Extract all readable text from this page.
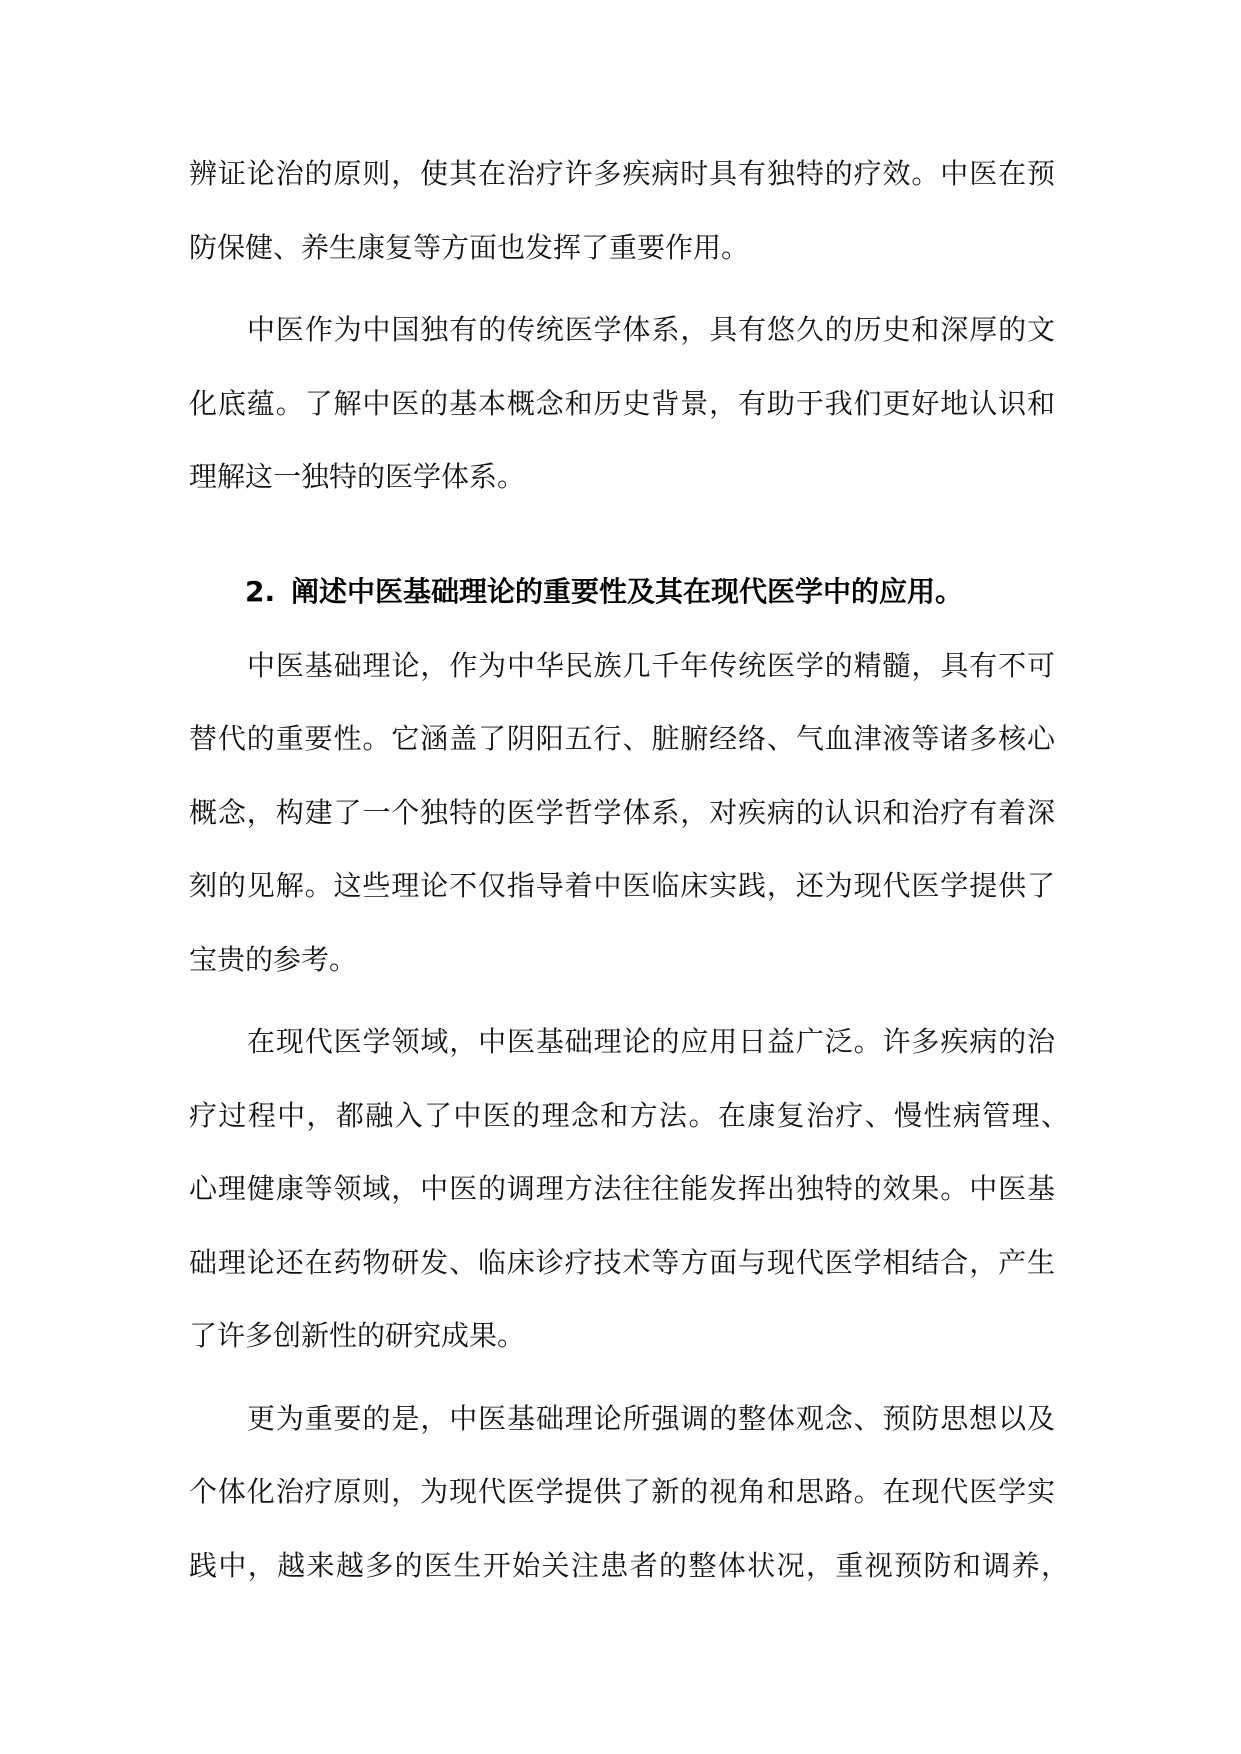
辨证论治的原则，使其在治疗许多疾病时具有独特的疗效。中医在预
防保健、养生康复等方面也发挥了重要作用。
中医作为中国独有的传统医学体系，具有悠久的历史和深厚的文
化底蕴。了解中医的基本概念和历史背景，有助于我们更好地认识和
理解这一独特的医学体系。
2. 阐述中医基础理论的重要性及其在现代医学中的应用。
中医基础理论，作为中华民族几千年传统医学的精髓，具有不可
替代的重要性。它涵盖了阴阳五行、脏腑经络、气血津液等诸多核心
概念，构建了一个独特的医学哲学体系，对疾病的认识和治疗有着深
刻的见解。这些理论不仅指导着中医临床实践，还为现代医学提供了
宝贵的参考。
在现代医学领域，中医基础理论的应用日益广泛。许多疾病的治
疗过程中，都融入了中医的理念和方法。在康复治疗、慢性病管理、
心理健康等领域，中医的调理方法往往能发挥出独特的效果。中医基
础理论还在药物研发、临床诊疗技术等方面与现代医学相结合，产生
了许多创新性的研究成果。
更为重要的是，中医基础理论所强调的整体观念、预防思想以及
个体化治疗原则，为现代医学提供了新的视角和思路。在现代医学实
践中，越来越多的医生开始关注患者的整体状况，重视预防和调养，
